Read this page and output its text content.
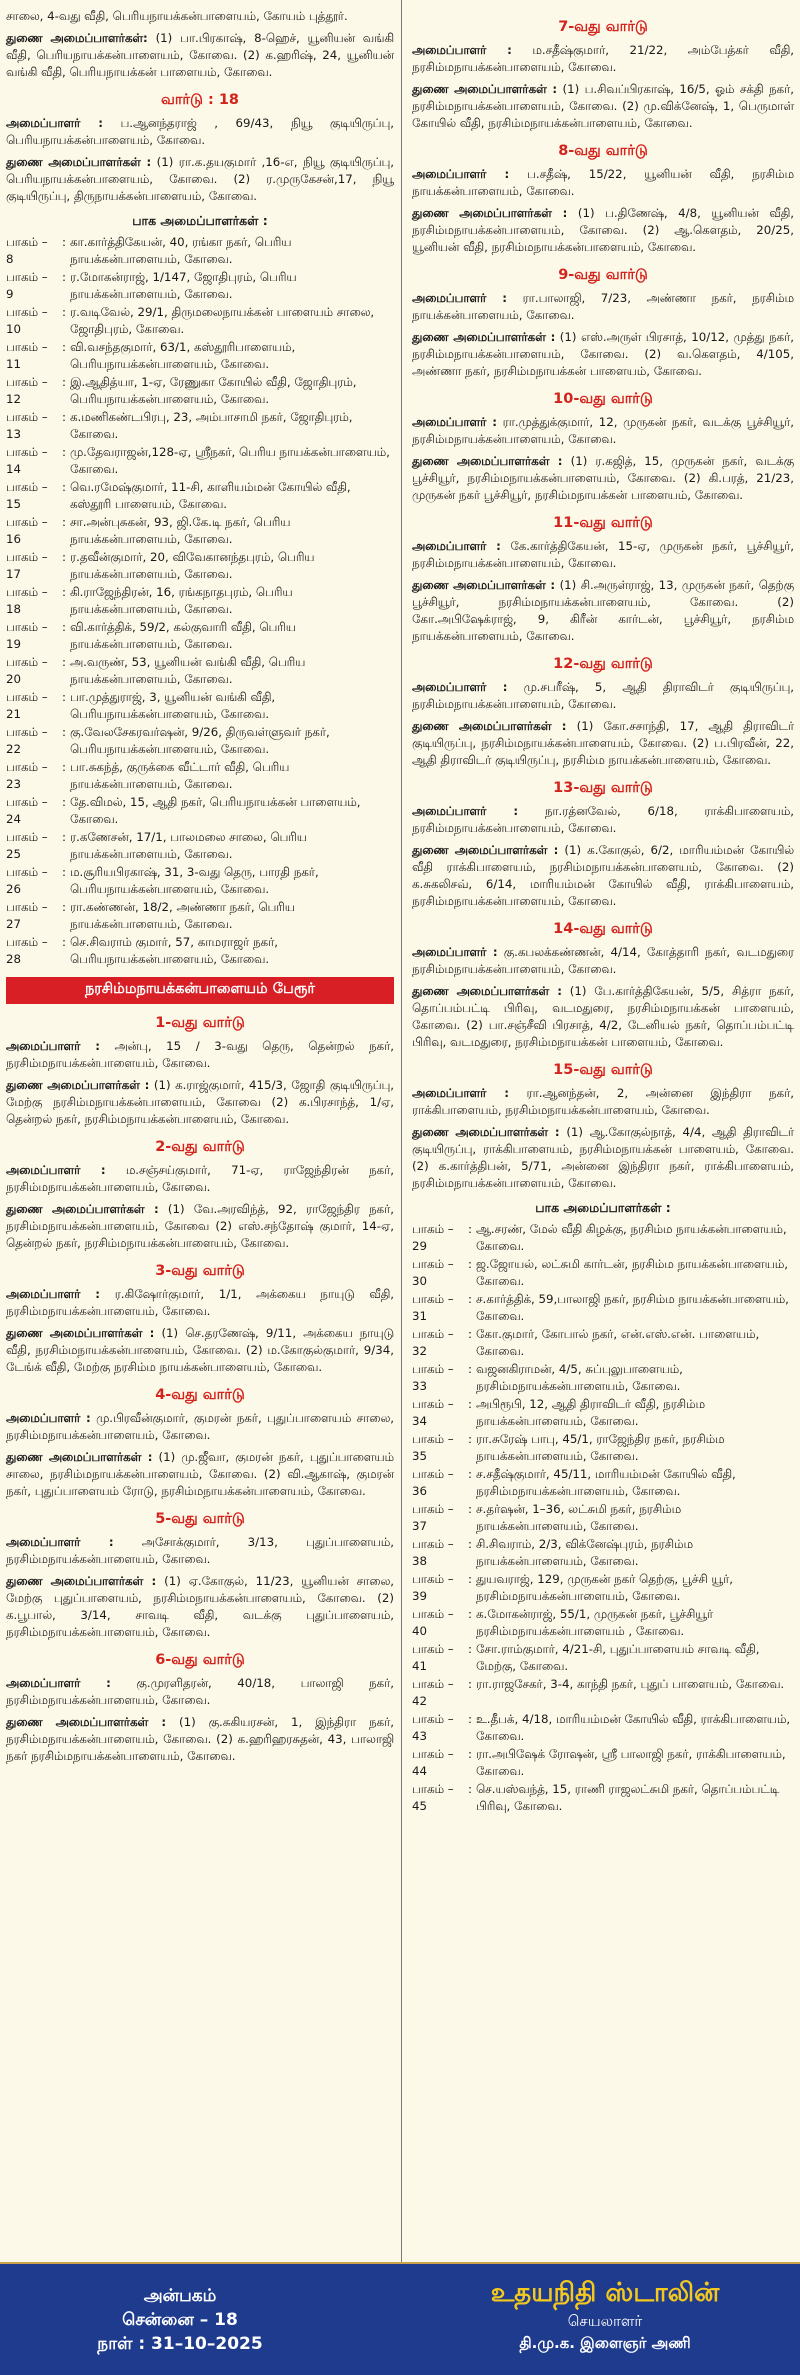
சாலை, 4-வது வீதி, பெரியநாயக்கன்பாளையம், கோயம் புத்தூர்.

துணை அமைப்பாளர்கள்: (1) பா.பிரகாஷ், 8-ஹெச், யூனியன் வங்கி வீதி, பெரியநாயக்கன்பாளையம், கோவை. (2) க.ஹரிஷ், 24, யூனியன் வங்கி வீதி, பெரியநாயக்கன் பாளையம், கோவை.

வார்டு : 18

அமைப்பாளர் : ப.ஆனந்தராஜ் , 69/43, நியூ குடியிருப்பு, பெரியநாயக்கன்பாளையம், கோவை.

துணை அமைப்பாளர்கள் : (1) ரா.க.தயகுமார் ,16-எ, நியூ குடியிருப்பு, பெரியநாயக்கன்பாளையம், கோவை. (2) ர.முருகேசன்,17, நியூ குடியிருப்பு, திருநாயக்கன்பாளையம், கோவை.

பாக அமைப்பாளர்கள் :
பாகம் – 8
: கா.கார்த்திகேயன், 40, ரங்கா நகர், பெரிய நாயக்கன்பாளையம், கோவை.
பாகம் – 9
: ர.மோகன்ராஜ், 1/147, ஜோதிபுரம், பெரிய நாயக்கன்பாளையம், கோவை.
பாகம் – 10
: ர.வடிவேல், 29/1, திருமலைநாயக்கன் பாளையம் சாலை, ஜோதிபுரம், கோவை.
பாகம் – 11
: வி.வசந்தகுமார், 63/1, கஸ்தூரிபாளையம், பெரியநாயக்கன்பாளையம், கோவை.
பாகம் – 12
: இ.ஆதித்யா, 1-ஏ, ரேணுகா கோயில் வீதி, ஜோதிபுரம், பெரியநாயக்கன்பாளையம், கோவை.
பாகம் – 13
: க.மணிகண்டபிரபு, 23, அம்பாசாமி நகர், ஜோதிபுரம், கோவை.
பாகம் – 14
: மு.தேவராஜன்,128-ஏ, ஸ்ரீநகர், பெரிய நாயக்கன்பாளையம், கோவை.
பாகம் – 15
: வெ.ரமேஷ்குமார், 11-சி, காளியம்மன் கோயில் வீதி, கஸ்தூரி பாளையம், கோவை.
பாகம் – 16
: சா.அன்புசுகன், 93, ஜி.கே.டி நகர், பெரிய நாயக்கன்பாளையம், கோவை.
பாகம் – 17
: ர.தவீன்குமார், 20, விவேகானந்தபுரம், பெரிய நாயக்கன்பாளையம், கோவை.
பாகம் – 18
: கி.ராஜேந்திரன், 16, ரங்கநாதபுரம், பெரிய நாயக்கன்பாளையம், கோவை.
பாகம் – 19
: வி.கார்த்திக், 59/2, கல்குவாரி வீதி, பெரிய நாயக்கன்பாளையம், கோவை.
பாகம் – 20
: அ.வருண், 53, யூனியன் வங்கி வீதி, பெரிய நாயக்கன்பாளையம், கோவை.
பாகம் – 21
: பா.முத்துராஜ், 3, யூனியன் வங்கி வீதி, பெரியநாயக்கன்பாளையம், கோவை.
பாகம் – 22
: கு.வேலசேகரவர்ஷன், 9/26, திருவள்ளுவர் நகர், பெரியநாயக்கன்பாளையம், கோவை.
பாகம் – 23
: பா.சுகந்த், குருக்கை வீட்டார் வீதி, பெரிய நாயக்கன்பாளையம், கோவை.
பாகம் – 24
: தே.விமல், 15, ஆதி நகர், பெரியநாயக்கன் பாளையம், கோவை.
பாகம் – 25
: ர.கணேசன், 17/1, பாலமலை சாலை, பெரிய நாயக்கன்பாளையம், கோவை.
பாகம் – 26
: ம.சூரியபிரகாஷ், 31, 3-வது தெரு, பாரதி நகர், பெரியநாயக்கன்பாளையம், கோவை.
பாகம் – 27
: ரா.கண்ணன், 18/2, அண்ணா நகர், பெரிய நாயக்கன்பாளையம், கோவை.
பாகம் – 28
: செ.சிவராம் குமார், 57, காமராஜர் நகர், பெரியநாயக்கன்பாளையம், கோவை.
நரசிம்மநாயக்கன்பாளையம் பேரூர்
1-வது வார்டு

அமைப்பாளர் : அன்பு, 15 / 3-வது தெரு, தென்றல் நகர், நரசிம்மநாயக்கன்பாளையம், கோவை.

துணை அமைப்பாளர்கள் : (1) க.ராஜ்குமார், 415/3, ஜோதி குடியிருப்பு, மேற்கு நரசிம்மநாயக்கன்பாளையம், கோவை (2) க.பிரசாந்த், 1/ஏ, தென்றல் நகர், நரசிம்மநாயக்கன்பாளையம், கோவை.

2-வது வார்டு

அமைப்பாளர் : ம.சஞ்சய்குமார், 71-ஏ, ராஜேந்திரன் நகர், நரசிம்மநாயக்கன்பாளையம், கோவை.

துணை அமைப்பாளர்கள் : (1) வே.அரவிந்த், 92, ராஜேந்திர நகர், நரசிம்மநாயக்கன்பாளையம், கோவை (2) எஸ்.சந்தோஷ் குமார், 14-ஏ, தென்றல் நகர், நரசிம்மநாயக்கன்பாளையம், கோவை.

3-வது வார்டு

அமைப்பாளர் : ர.கிஷோர்குமார், 1/1, அக்கைய நாயுடு வீதி, நரசிம்மநாயக்கன்பாளையம், கோவை.

துணை அமைப்பாளர்கள் : (1) செ.தரணேஷ், 9/11, அக்கைய நாயுடு வீதி, நரசிம்மநாயக்கன்பாளையம், கோவை. (2) ம.கோகுல்குமார், 9/34, டேங்க் வீதி, மேற்கு நரசிம்ம நாயக்கன்பாளையம், கோவை.

4-வது வார்டு

அமைப்பாளர் : மு.பிரவீன்குமார், குமரன் நகர், புதுப்பாளையம் சாலை, நரசிம்மநாயக்கன்பாளையம், கோவை.

துணை அமைப்பாளர்கள் : (1) மு.ஜீவா, குமரன் நகர், புதுப்பாளையம் சாலை, நரசிம்மநாயக்கன்பாளையம், கோவை. (2) வி.ஆகாஷ், குமரன் நகர், புதுப்பாளையம் ரோடு, நரசிம்மநாயக்கன்பாளையம், கோவை.

5-வது வார்டு

அமைப்பாளர் : அசோக்குமார், 3/13, புதுப்பாளையம், நரசிம்மநாயக்கன்பாளையம், கோவை.

துணை அமைப்பாளர்கள் : (1) ஏ.கோகுல், 11/23, யூனியன் சாலை, மேற்கு புதுப்பாளையம், நரசிம்மநாயக்கன்பாளையம், கோவை. (2) க.பூபால், 3/14, சாவடி வீதி, வடக்கு புதுப்பாளையம், நரசிம்மநாயக்கன்பாளையம், கோவை.

6-வது வார்டு

அமைப்பாளர் : கு.முரளிதரன், 40/18, பாலாஜி நகர், நரசிம்மநாயக்கன்பாளையம், கோவை.

துணை அமைப்பாளர்கள் : (1) கு.சுகியரசன், 1, இந்திரா நகர், நரசிம்மநாயக்கன்பாளையம், கோவை. (2) க.ஹரிஹரசுதன், 43, பாலாஜி நகர் நரசிம்மநாயக்கன்பாளையம், கோவை.

7-வது வார்டு

அமைப்பாளர் : ம.சதீஷ்குமார், 21/22, அம்பேத்கர் வீதி, நரசிம்மநாயக்கன்பாளையம், கோவை.

துணை அமைப்பாளர்கள் : (1) ப.சிவப்பிரகாஷ், 16/5, ஓம் சக்தி நகர், நரசிம்மநாயக்கன்பாளையம், கோவை. (2) மு.விக்னேஷ், 1, பெருமாள் கோயில் வீதி, நரசிம்மநாயக்கன்பாளையம், கோவை.

8-வது வார்டு

அமைப்பாளர் : ப.சதீஷ், 15/22, யூனியன் வீதி, நரசிம்ம நாயக்கன்பாளையம், கோவை.

துணை அமைப்பாளர்கள் : (1) ப.திணேஷ், 4/8, யூனியன் வீதி, நரசிம்மநாயக்கன்பாளையம், கோவை. (2) ஆ.கௌதம், 20/25, யூனியன் வீதி, நரசிம்மநாயக்கன்பாளையம், கோவை.

9-வது வார்டு

அமைப்பாளர் : ரா.பாலாஜி, 7/23, அண்ணா நகர், நரசிம்ம நாயக்கன்பாளையம், கோவை.

துணை அமைப்பாளர்கள் : (1) எஸ்.அருள் பிரசாத், 10/12, முத்து நகர், நரசிம்மநாயக்கன்பாளையம், கோவை. (2) வ.கௌதம், 4/105, அண்ணா நகர், நரசிம்மநாயக்கன் பாளையம், கோவை.

10-வது வார்டு

அமைப்பாளர் : ரா.முத்துக்குமார், 12, முருகன் நகர், வடக்கு பூச்சியூர், நரசிம்மநாயக்கன்பாளையம், கோவை.

துணை அமைப்பாளர்கள் : (1) ர.கஜித், 15, முருகன் நகர், வடக்கு பூச்சியூர், நரசிம்மநாயக்கன்பாளையம், கோவை. (2) கி.பரத், 21/23, முருகன் நகர் பூச்சியூர், நரசிம்மநாயக்கன் பாளையம், கோவை.

11-வது வார்டு

அமைப்பாளர் : கே.கார்த்திகேயன், 15-ஏ, முருகன் நகர், பூச்சியூர், நரசிம்மநாயக்கன்பாளையம், கோவை.

துணை அமைப்பாளர்கள் : (1) சி.அருள்ராஜ், 13, முருகன் நகர், தெற்கு பூச்சியூர், நரசிம்மநாயக்கன்பாளையம், கோவை. (2) கோ.அபிஷேக்ராஜ், 9, கிரீன் கார்டன், பூச்சியூர், நரசிம்ம நாயக்கன்பாளையம், கோவை.

12-வது வார்டு

அமைப்பாளர் : மு.சபரீஷ், 5, ஆதி திராவிடர் குடியிருப்பு, நரசிம்மநாயக்கன்பாளையம், கோவை.

துணை அமைப்பாளர்கள் : (1) கோ.சசாந்தி, 17, ஆதி திராவிடர் குடியிருப்பு, நரசிம்மநாயக்கன்பாளையம், கோவை. (2) ப.பிரவீன், 22, ஆதி திராவிடர் குடியிருப்பு, நரசிம்ம நாயக்கன்பாளையம், கோவை.

13-வது வார்டு

அமைப்பாளர் : நா.ரத்னவேல், 6/18, ராக்கிபாளையம், நரசிம்மநாயக்கன்பாளையம், கோவை.

துணை அமைப்பாளர்கள் : (1) க.கோகுல், 6/2, மாரியம்மன் கோயில் வீதி ராக்கிபாளையம், நரசிம்மநாயக்கன்பாளையம், கோவை. (2) க.சுகலிசவ், 6/14, மாரியம்மன் கோயில் வீதி, ராக்கிபாளையம், நரசிம்மநாயக்கன்பாளையம், கோவை.

14-வது வார்டு

அமைப்பாளர் : கு.கபலக்கண்ணன், 4/14, கோத்தாரி நகர், வடமதுரை நரசிம்மநாயக்கன்பாளையம், கோவை.

துணை அமைப்பாளர்கள் : (1) பே.கார்த்திகேயன், 5/5, சித்ரா நகர், தொப்பம்பட்டி பிரிவு, வடமதுரை, நரசிம்மநாயக்கன் பாளையம், கோவை. (2) பா.சஞ்சீவி பிரசாத், 4/2, டேனியல் நகர், தொப்பம்பட்டி பிரிவு, வடமதுரை, நரசிம்மநாயக்கன் பாளையம், கோவை.

15-வது வார்டு

அமைப்பாளர் : ரா.ஆனந்தன், 2, அன்னை இந்திரா நகர், ராக்கிபாளையம், நரசிம்மநாயக்கன்பாளையம், கோவை.

துணை அமைப்பாளர்கள் : (1) ஆ.கோகுல்நாத், 4/4, ஆதி திராவிடர் குடியிருப்பு, ராக்கிபாளையம், நரசிம்மநாயக்கன் பாளையம், கோவை. (2) க.கார்த்திபன், 5/71, அன்னை இந்திரா நகர், ராக்கிபாளையம், நரசிம்மநாயக்கன்பாளையம், கோவை.

பாக அமைப்பாளர்கள் :
பாகம் – 29
: ஆ.சரண், மேல் வீதி கிழக்கு, நரசிம்ம நாயக்கன்பாளையம், கோவை.
பாகம் – 30
: ஜ.ஜோயல், லட்சுமி கார்டன், நரசிம்ம நாயக்கன்பாளையம், கோவை.
பாகம் – 31
: ச.கார்த்திக், 59,பாலாஜி நகர், நரசிம்ம நாயக்கன்பாளையம், கோவை.
பாகம் – 32
: கோ.குமார், கோபால் நகர், என்.எஸ்.என். பாளையம், கோவை.
பாகம் – 33
: வஜனகிராமன், 4/5, சுப்புலுபாளையம், நரசிம்மநாயக்கன்பாளையம், கோவை.
பாகம் – 34
: அபிரூபி, 12, ஆதி திராவிடர் வீதி, நரசிம்ம நாயக்கன்பாளையம், கோவை.
பாகம் – 35
: ரா.சுரேஷ் பாபு, 45/1, ராஜேந்திர நகர், நரசிம்ம நாயக்கன்பாளையம், கோவை.
பாகம் – 36
: ச.சதீஷ்குமார், 45/11, மாரியம்மன் கோயில் வீதி, நரசிம்மநாயக்கன்பாளையம், கோவை.
பாகம் – 37
: ச.தர்ஷன், 1–36, லட்சுமி நகர், நரசிம்ம நாயக்கன்பாளையம், கோவை.
பாகம் – 38
: சி.சிவராம், 2/3, விக்னேஷ்புரம், நரசிம்ம நாயக்கன்பாளையம், கோவை.
பாகம் – 39
: துயவராஜ், 129, முருகன் நகர் தெற்கு, பூச்சி யூர், நரசிம்மநாயக்கன்பாளையம், கோவை.
பாகம் – 40
: க.மோகன்ராஜ், 55/1, முருகன் நகர், பூச்சியூர் நரசிம்மநாயக்கன்பாளையம் , கோவை.
பாகம் – 41
: சோ.ராம்குமார், 4/21-சி, புதுப்பாளையம் சாவடி வீதி, மேற்கு, கோவை.
பாகம் – 42
: ரா.ராஜசேகர், 3-4, காந்தி நகர், புதுப் பாளையம், கோவை.
பாகம் – 43
: உ.தீபக், 4/18, மாரியம்மன் கோயில் வீதி, ராக்கிபாளையம், கோவை.
பாகம் – 44
: ரா.அபிஷேக் ரோஷன், ஸ்ரீ பாலாஜி நகர், ராக்கிபாளையம், கோவை.
பாகம் – 45
: செ.யஸ்வந்த், 15, ராணி ராஜலட்சுமி நகர், தொப்பம்பட்டி பிரிவு, கோவை.
அன்பகம்
சென்னை – 18
நாள் : 31–10–2025
உதயநிதி ஸ்டாலின்
செயலாளர்
தி.மு.க. இளைஞர் அணி
